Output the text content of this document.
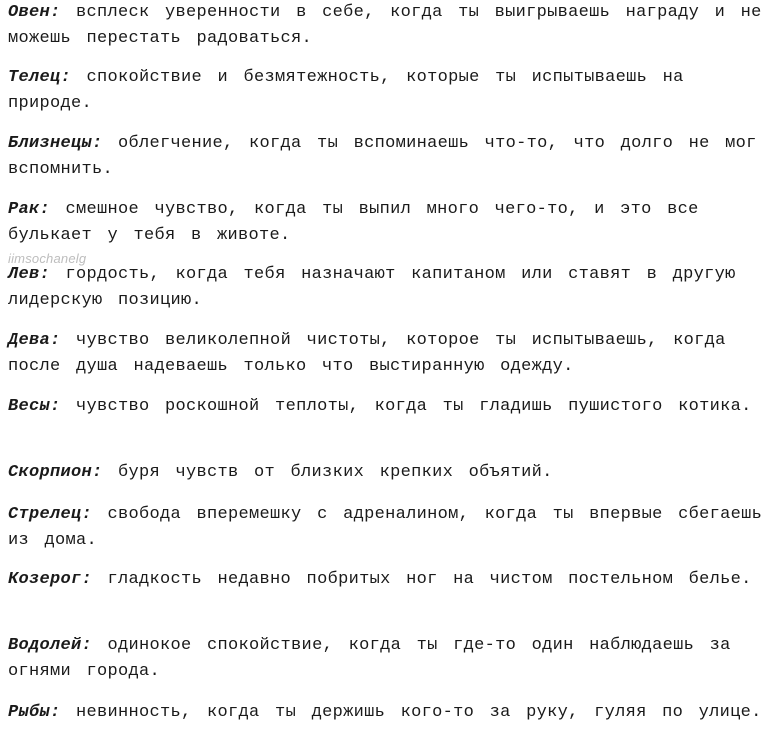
Овен: всплеск уверенности в себе, когда ты выигрываешь награду и не можешь перестать радоваться.
Телец: спокойствие и безмятежность, которые ты испытываешь на природе.
Близнецы: облегчение, когда ты вспоминаешь что-то, что долго не мог вспомнить.
Рак: смешное чувство, когда ты выпил много чего-то, и это все булькает у тебя в животе.
iimsochanelg
Лев: гордость, когда тебя назначают капитаном или ставят в другую лидерскую позицию.
Дева: чувство великолепной чистоты, которое ты испытываешь, когда после душа надеваешь только что выстиранную одежду.
Весы: чувство роскошной теплоты, когда ты гладишь пушистого котика.
Скорпион: буря чувств от близких крепких объятий.
Стрелец: свобода вперемешку с адреналином, когда ты впервые сбегаешь из дома.
Козерог: гладкость недавно побритых ног на чистом постельном белье.
Водолей: одинокое спокойствие, когда ты где-то один наблюдаешь за огнями города.
Рыбы: невинность, когда ты держишь кого-то за руку, гуляя по улице.
